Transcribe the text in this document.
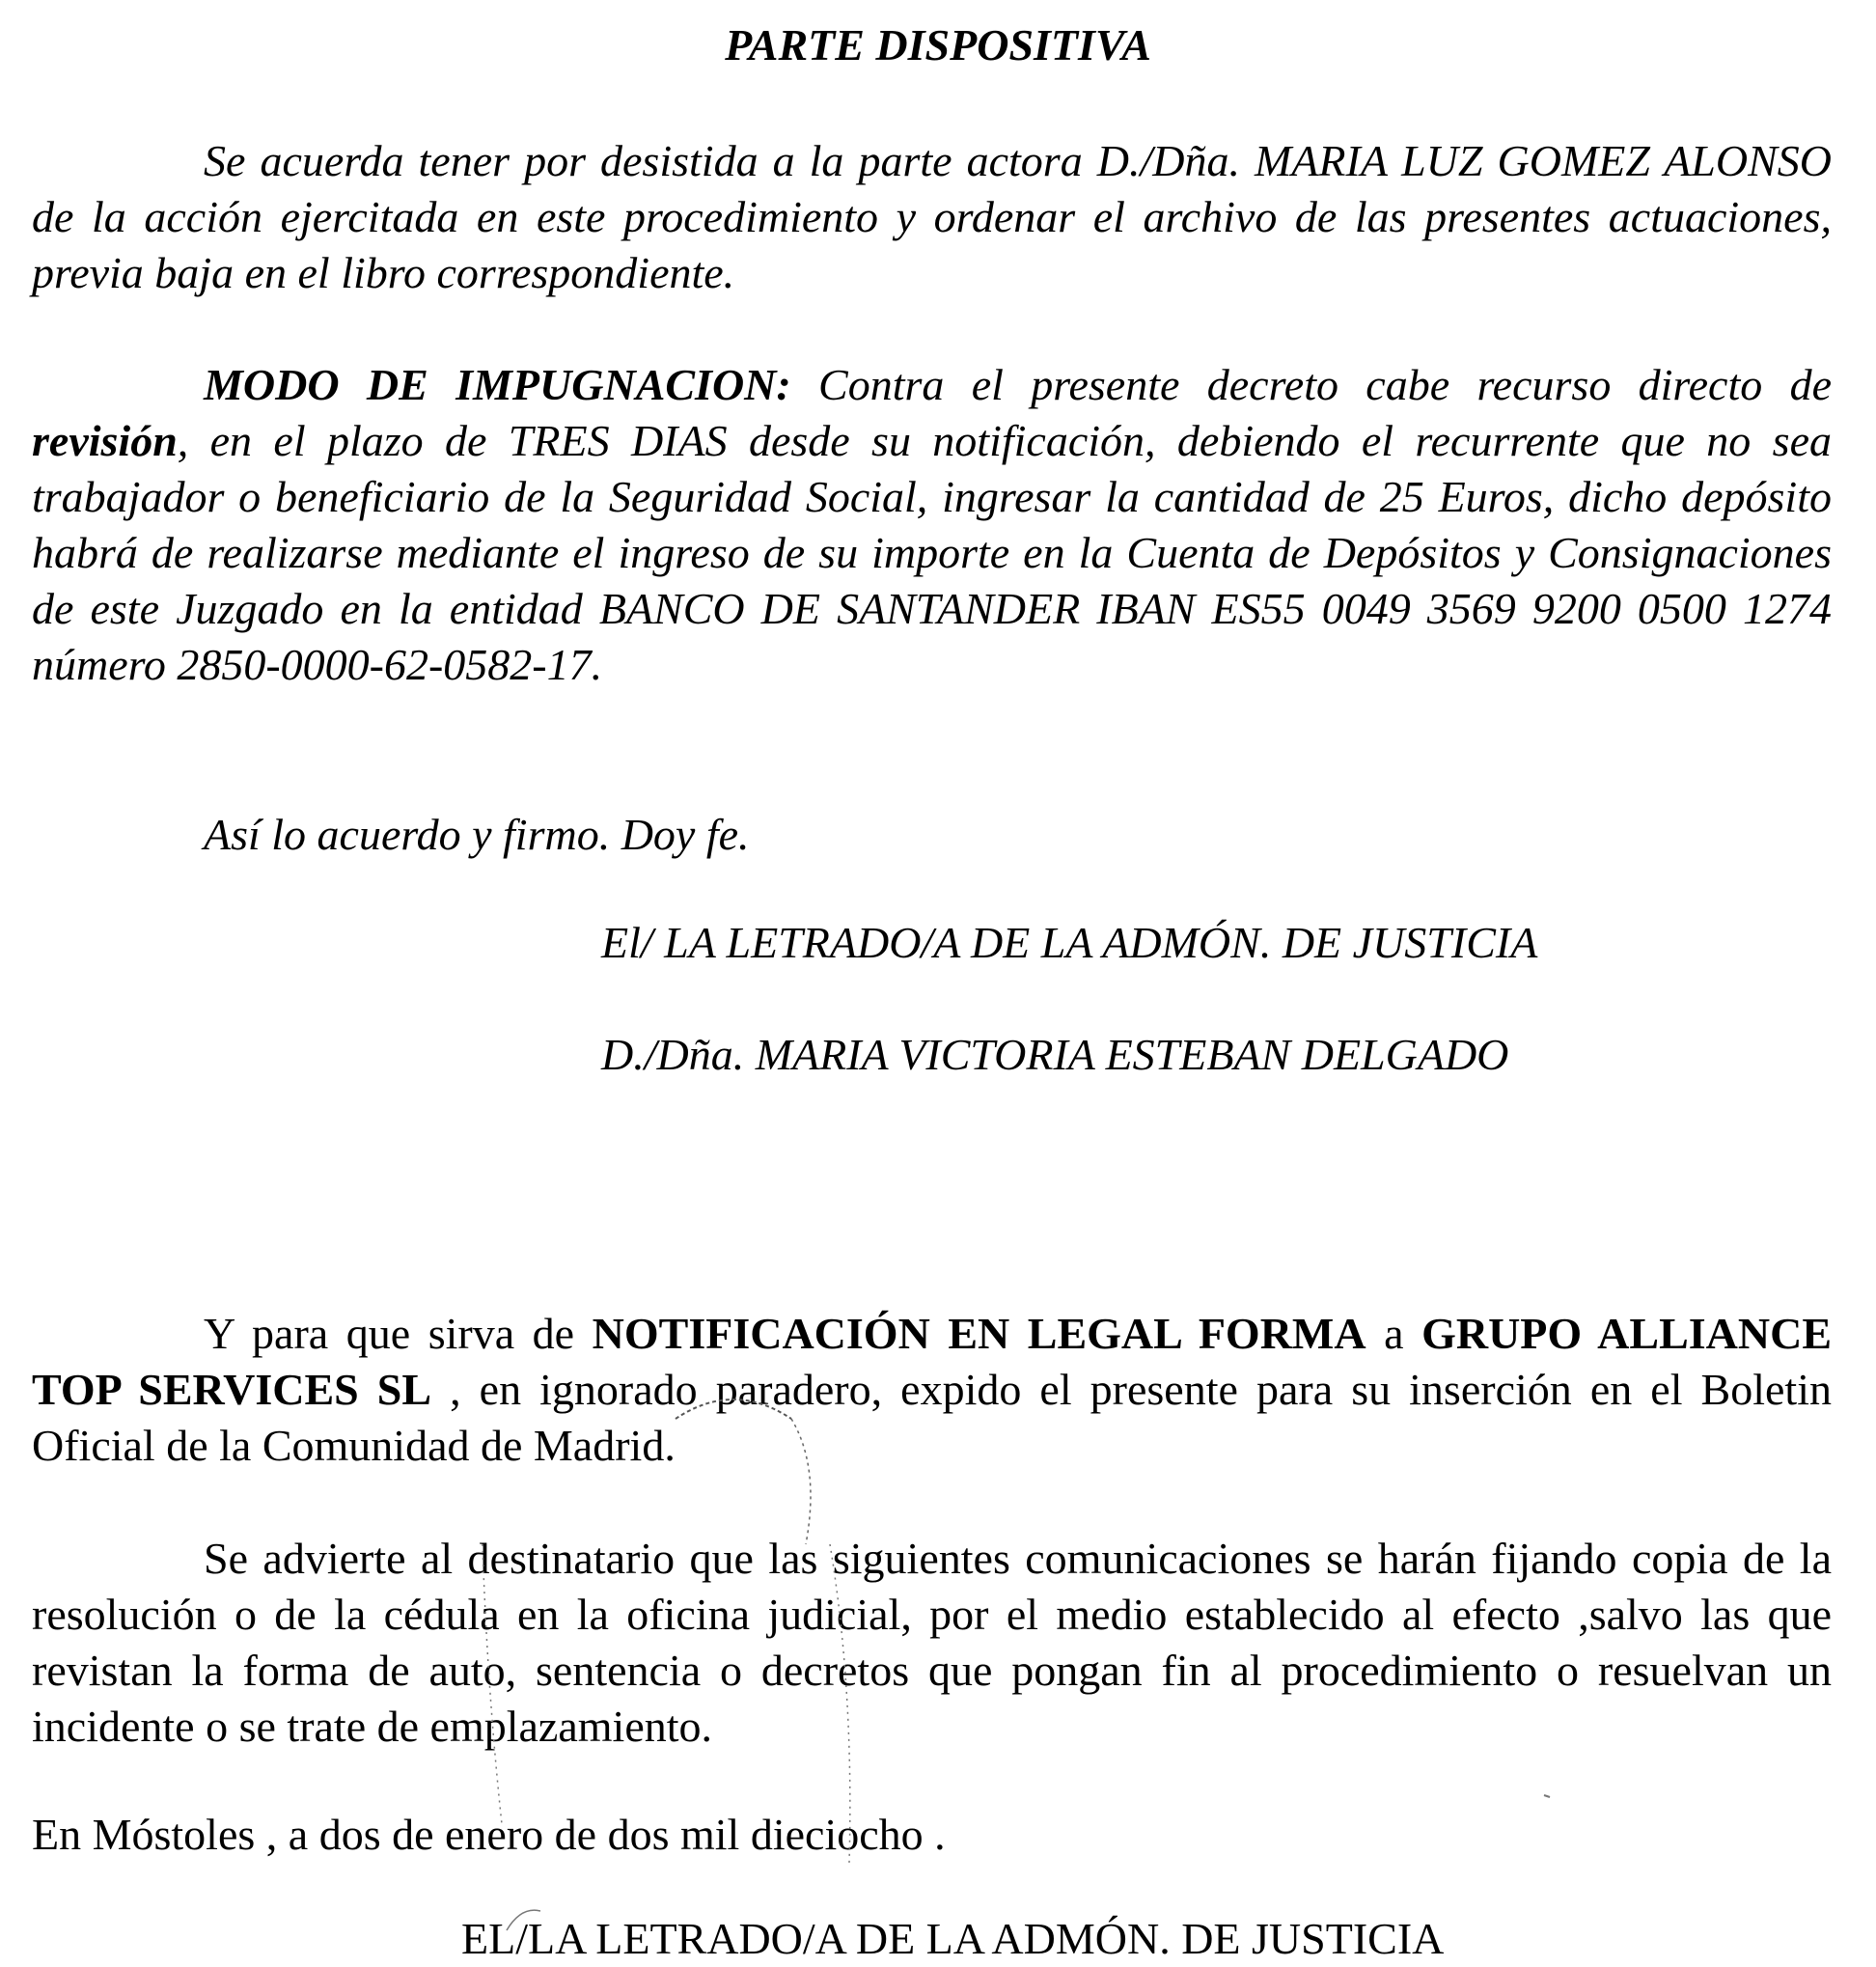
PARTE DISPOSITIVA

Se acuerda tener por desistida a la parte actora D./Dña. MARIA LUZ GOMEZ ALONSO de la acción ejercitada en este procedimiento y ordenar el archivo de las presentes actuaciones, previa baja en el libro correspondiente.

MODO DE IMPUGNACION: Contra el presente decreto cabe recurso directo de revisión, en el plazo de TRES DIAS desde su notificación, debiendo el recurrente que no sea trabajador o beneficiario de la Seguridad Social, ingresar la cantidad de 25 Euros, dicho depósito habrá de realizarse mediante el ingreso de su importe en la Cuenta de Depósitos y Consignaciones de este Juzgado en la entidad BANCO DE SANTANDER IBAN ES55 0049 3569 9200 0500 1274 número 2850-0000-62-0582-17.

Así lo acuerdo y firmo. Doy fe.

El/ LA LETRADO/A DE LA ADMÓN. DE JUSTICIA

D./Dña. MARIA VICTORIA ESTEBAN DELGADO

Y para que sirva de NOTIFICACIÓN EN LEGAL FORMA a GRUPO ALLIANCE TOP SERVICES SL , en ignorado paradero, expido el presente para su inserción en el Boletin Oficial de la Comunidad de Madrid.

Se advierte al destinatario que las siguientes comunicaciones se harán fijando copia de la resolución o de la cédula en la oficina judicial, por el medio establecido al efecto ,salvo las que revistan la forma de auto, sentencia o decretos que pongan fin al procedimiento o resuelvan un incidente o se trate de emplazamiento.

En Móstoles , a dos de enero de dos mil dieciocho .

EL/LA LETRADO/A DE LA ADMÓN. DE JUSTICIA
